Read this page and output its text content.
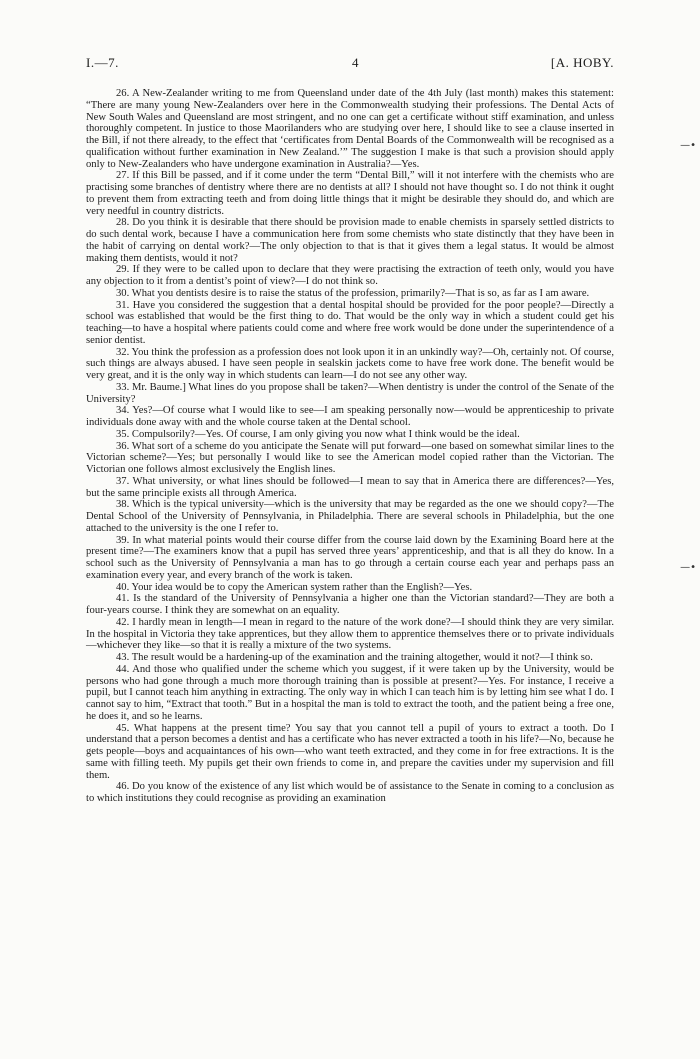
I.—7.	4	[A. HOBY.
—•
—•

26. A New-Zealander writing to me from Queensland under date of the 4th July (last month) makes this statement: “There are many young New-Zealanders over here in the Commonwealth studying their professions. The Dental Acts of New South Wales and Queensland are most stringent, and no one can get a certificate without stiff examination, and unless thoroughly competent. In justice to those Maorilanders who are studying over here, I should like to see a clause inserted in the Bill, if not there already, to the effect that ‘certificates from Dental Boards of the Commonwealth will be recognised as a qualification without further examination in New Zealand.’” The suggestion I make is that such a provision should apply only to New-Zealanders who have undergone examination in Australia?—Yes.

27. If this Bill be passed, and if it come under the term “Dental Bill,” will it not interfere with the chemists who are practising some branches of dentistry where there are no dentists at all? I should not have thought so. I do not think it ought to prevent them from extracting teeth and from doing little things that it might be desirable they should do, and which are very needful in country districts.

28. Do you think it is desirable that there should be provision made to enable chemists in sparsely settled districts to do such dental work, because I have a communication here from some chemists who state distinctly that they have been in the habit of carrying on dental work?—The only objection to that is that it gives them a legal status. It would be almost making them dentists, would it not?

29. If they were to be called upon to declare that they were practising the extraction of teeth only, would you have any objection to it from a dentist’s point of view?—I do not think so.

30. What you dentists desire is to raise the status of the profession, primarily?—That is so, as far as I am aware.

31. Have you considered the suggestion that a dental hospital should be provided for the poor people?—Directly a school was established that would be the first thing to do. That would be the only way in which a student could get his teaching—to have a hospital where patients could come and where free work would be done under the superintendence of a senior dentist.

32. You think the profession as a profession does not look upon it in an unkindly way?—Oh, certainly not. Of course, such things are always abused. I have seen people in sealskin jackets come to have free work done. The benefit would be very great, and it is the only way in which students can learn—I do not see any other way.

33. Mr. Baume.] What lines do you propose shall be taken?—When dentistry is under the control of the Senate of the University?

34. Yes?—Of course what I would like to see—I am speaking personally now—would be apprenticeship to private individuals done away with and the whole course taken at the Dental school.

35. Compulsorily?—Yes. Of course, I am only giving you now what I think would be the ideal.

36. What sort of a scheme do you anticipate the Senate will put forward—one based on somewhat similar lines to the Victorian scheme?—Yes; but personally I would like to see the American model copied rather than the Victorian. The Victorian one follows almost exclusively the English lines.

37. What university, or what lines should be followed—I mean to say that in America there are differences?—Yes, but the same principle exists all through America.

38. Which is the typical university—which is the university that may be regarded as the one we should copy?—The Dental School of the University of Pennsylvania, in Philadelphia. There are several schools in Philadelphia, but the one attached to the university is the one I refer to.

39. In what material points would their course differ from the course laid down by the Examining Board here at the present time?—The examiners know that a pupil has served three years’ apprenticeship, and that is all they do know. In a school such as the University of Pennsylvania a man has to go through a certain course each year and perhaps pass an examination every year, and every branch of the work is taken.

40. Your idea would be to copy the American system rather than the English?—Yes.

41. Is the standard of the University of Pennsylvania a higher one than the Victorian standard?—They are both a four-years course. I think they are somewhat on an equality.

42. I hardly mean in length—I mean in regard to the nature of the work done?—I should think they are very similar. In the hospital in Victoria they take apprentices, but they allow them to apprentice themselves there or to private individuals—whichever they like—so that it is really a mixture of the two systems.

43. The result would be a hardening-up of the examination and the training altogether, would it not?—I think so.

44. And those who qualified under the scheme which you suggest, if it were taken up by the University, would be persons who had gone through a much more thorough training than is possible at present?—Yes. For instance, I receive a pupil, but I cannot teach him anything in extracting. The only way in which I can teach him is by letting him see what I do. I cannot say to him, “Extract that tooth.” But in a hospital the man is told to extract the tooth, and the patient being a free one, he does it, and so he learns.

45. What happens at the present time? You say that you cannot tell a pupil of yours to extract a tooth. Do I understand that a person becomes a dentist and has a certificate who has never extracted a tooth in his life?—No, because he gets people—boys and acquaintances of his own—who want teeth extracted, and they come in for free extractions. It is the same with filling teeth. My pupils get their own friends to come in, and prepare the cavities under my supervision and fill them.

46. Do you know of the existence of any list which would be of assistance to the Senate in coming to a conclusion as to which institutions they could recognise as providing an examination
